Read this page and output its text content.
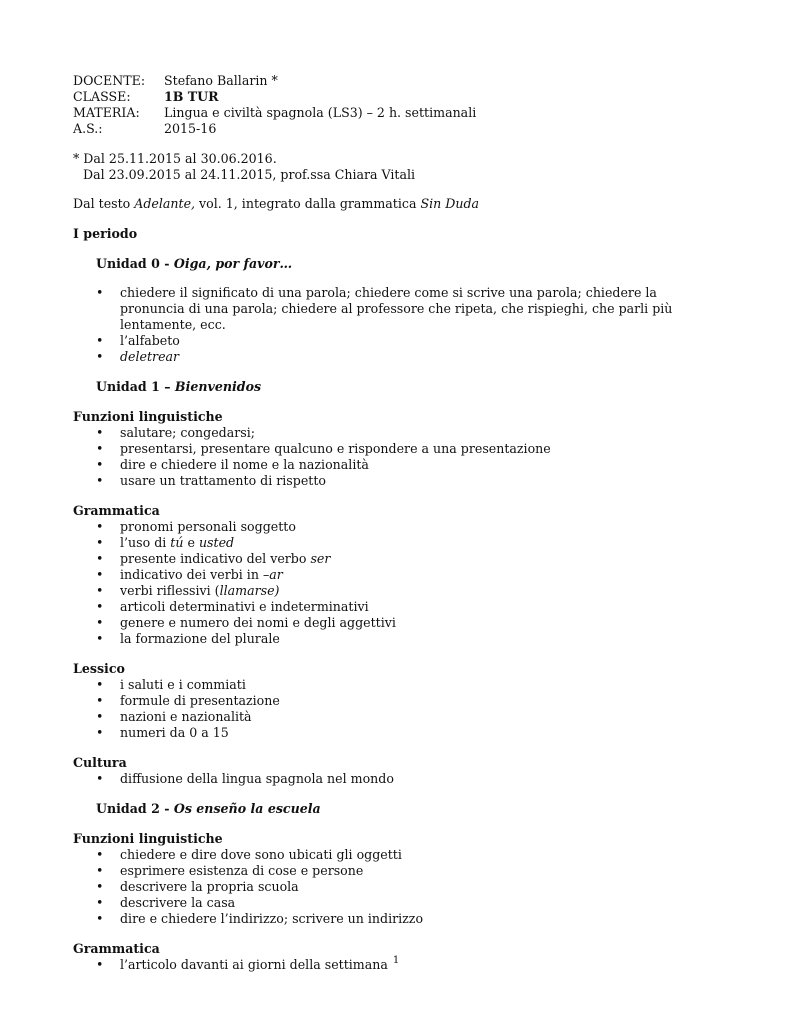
DOCENTE:	Stefano Ballarin *
CLASSE:	1B TUR
MATERIA:	Lingua e civiltà spagnola (LS3) – 2 h. settimanali
A.S.:	2015-16
* Dal 25.11.2015 al 30.06.2016.
Dal 23.09.2015 al 24.11.2015, prof.ssa Chiara Vitali
Dal testo Adelante, vol. 1, integrato dalla grammatica Sin Duda
I periodo
Unidad 0 - Oiga, por favor…
• chiedere il significato di una parola; chiedere come si scrive una parola; chiedere la pronuncia di una parola; chiedere al professore che ripeta, che rispieghi, che parli più lentamente, ecc.
• l’alfabeto
• deletrear
Unidad 1 – Bienvenidos
Funzioni linguistiche
• salutare; congedarsi;
• presentarsi, presentare qualcuno e rispondere a una presentazione
• dire e chiedere il nome e la nazionalità
• usare un trattamento di rispetto
Grammatica
• pronomi personali soggetto
• l’uso di tú e usted
• presente indicativo del verbo ser
• indicativo dei verbi in –ar
• verbi riflessivi (llamarse)
• articoli determinativi e indeterminativi
• genere e numero dei nomi e degli aggettivi
• la formazione del plurale
Lessico
• i saluti e i commiati
• formule di presentazione
• nazioni e nazionalità
• numeri da 0 a 15
Cultura
• diffusione della lingua spagnola nel mondo
Unidad 2 - Os enseño la escuela
Funzioni linguistiche
• chiedere e dire dove sono ubicati gli oggetti
• esprimere esistenza di cose e persone
• descrivere la propria scuola
• descrivere la casa
• dire e chiedere l’indirizzo; scrivere un indirizzo
Grammatica
• l’articolo davanti ai giorni della settimana 1
